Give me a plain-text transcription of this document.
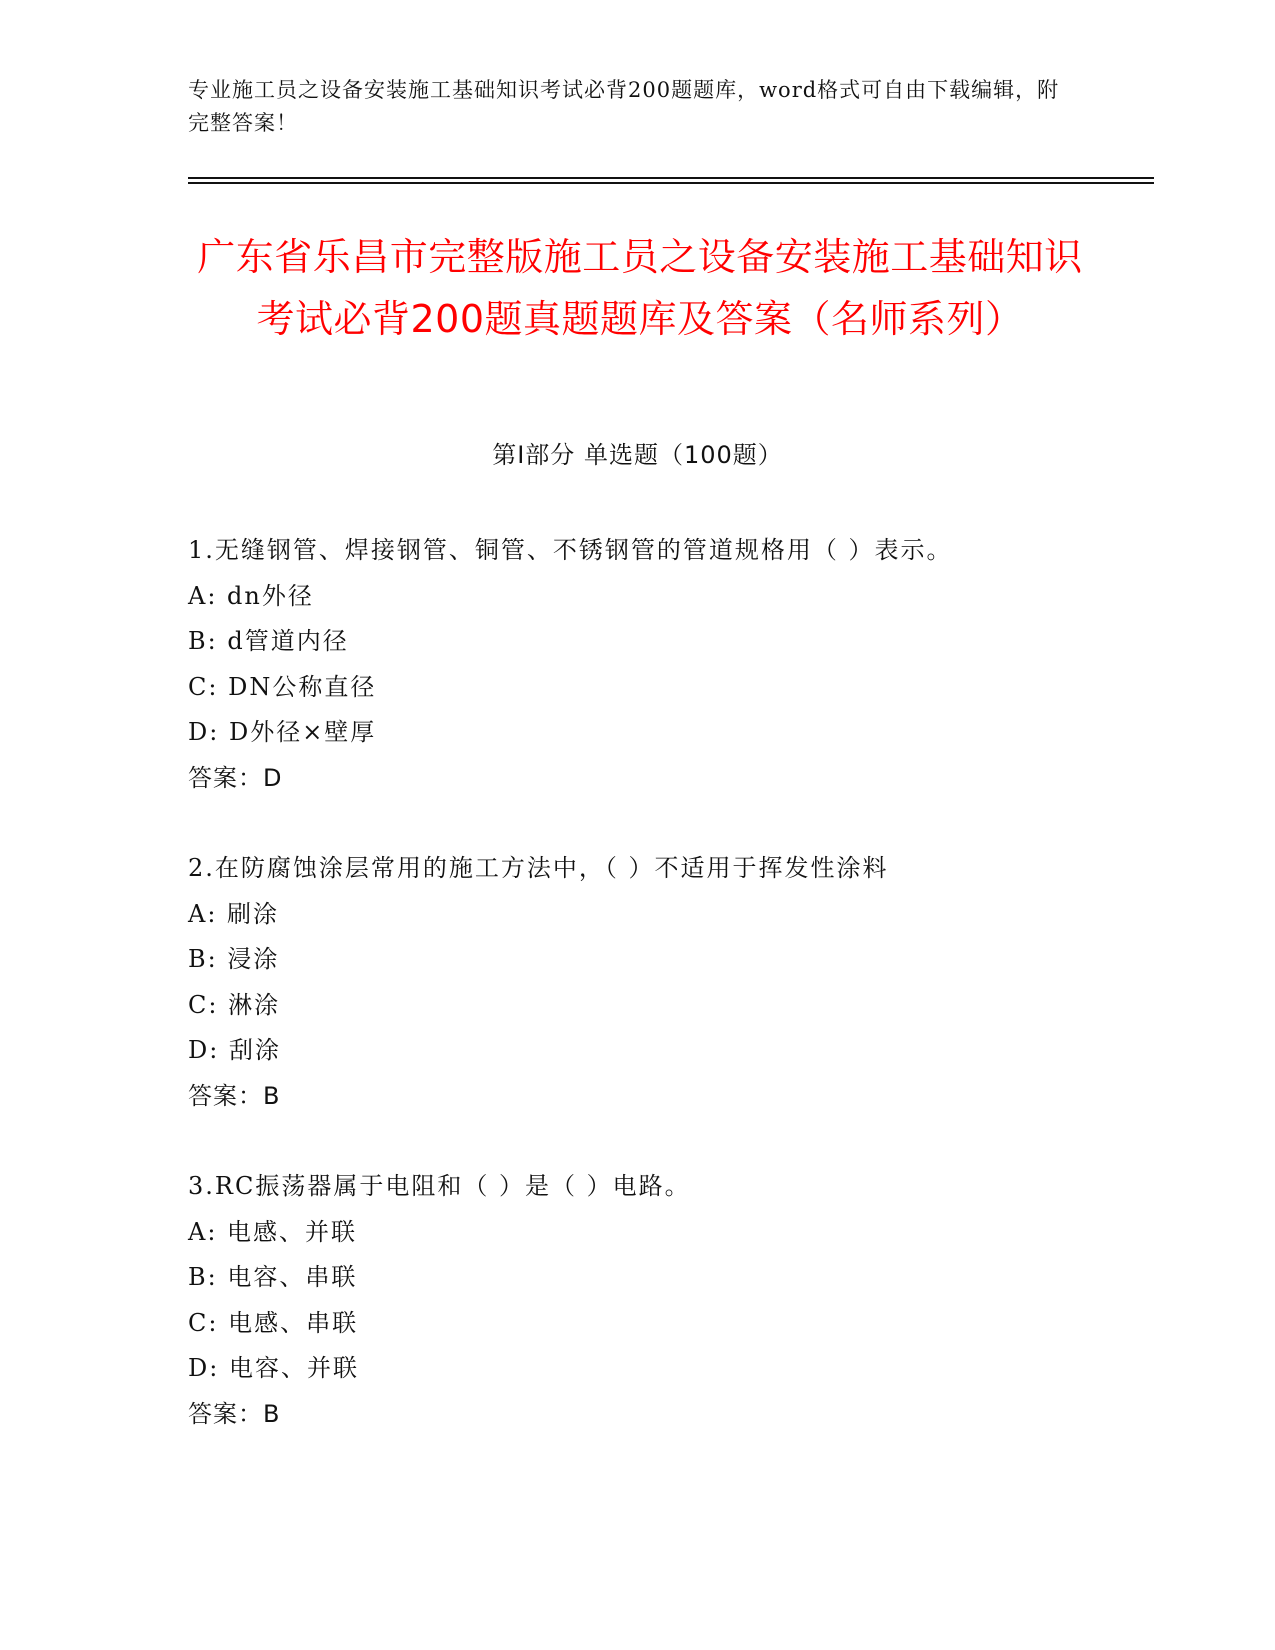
专业施工员之设备安装施工基础知识考试必背200题题库，word格式可自由下载编辑，附完整答案！
广东省乐昌市完整版施工员之设备安装施工基础知识考试必背200题真题题库及答案（名师系列）
第I部分 单选题（100题）
1.无缝钢管、焊接钢管、铜管、不锈钢管的管道规格用（ ）表示。
A: dn外径
B: d管道内径
C: DN公称直径
D: D外径×壁厚
答案：D
2.在防腐蚀涂层常用的施工方法中，（ ）不适用于挥发性涂料
A: 刷涂
B: 浸涂
C: 淋涂
D: 刮涂
答案：B
3.RC振荡器属于电阻和（ ）是（ ）电路。
A: 电感、并联
B: 电容、串联
C: 电感、串联
D: 电容、并联
答案：B
